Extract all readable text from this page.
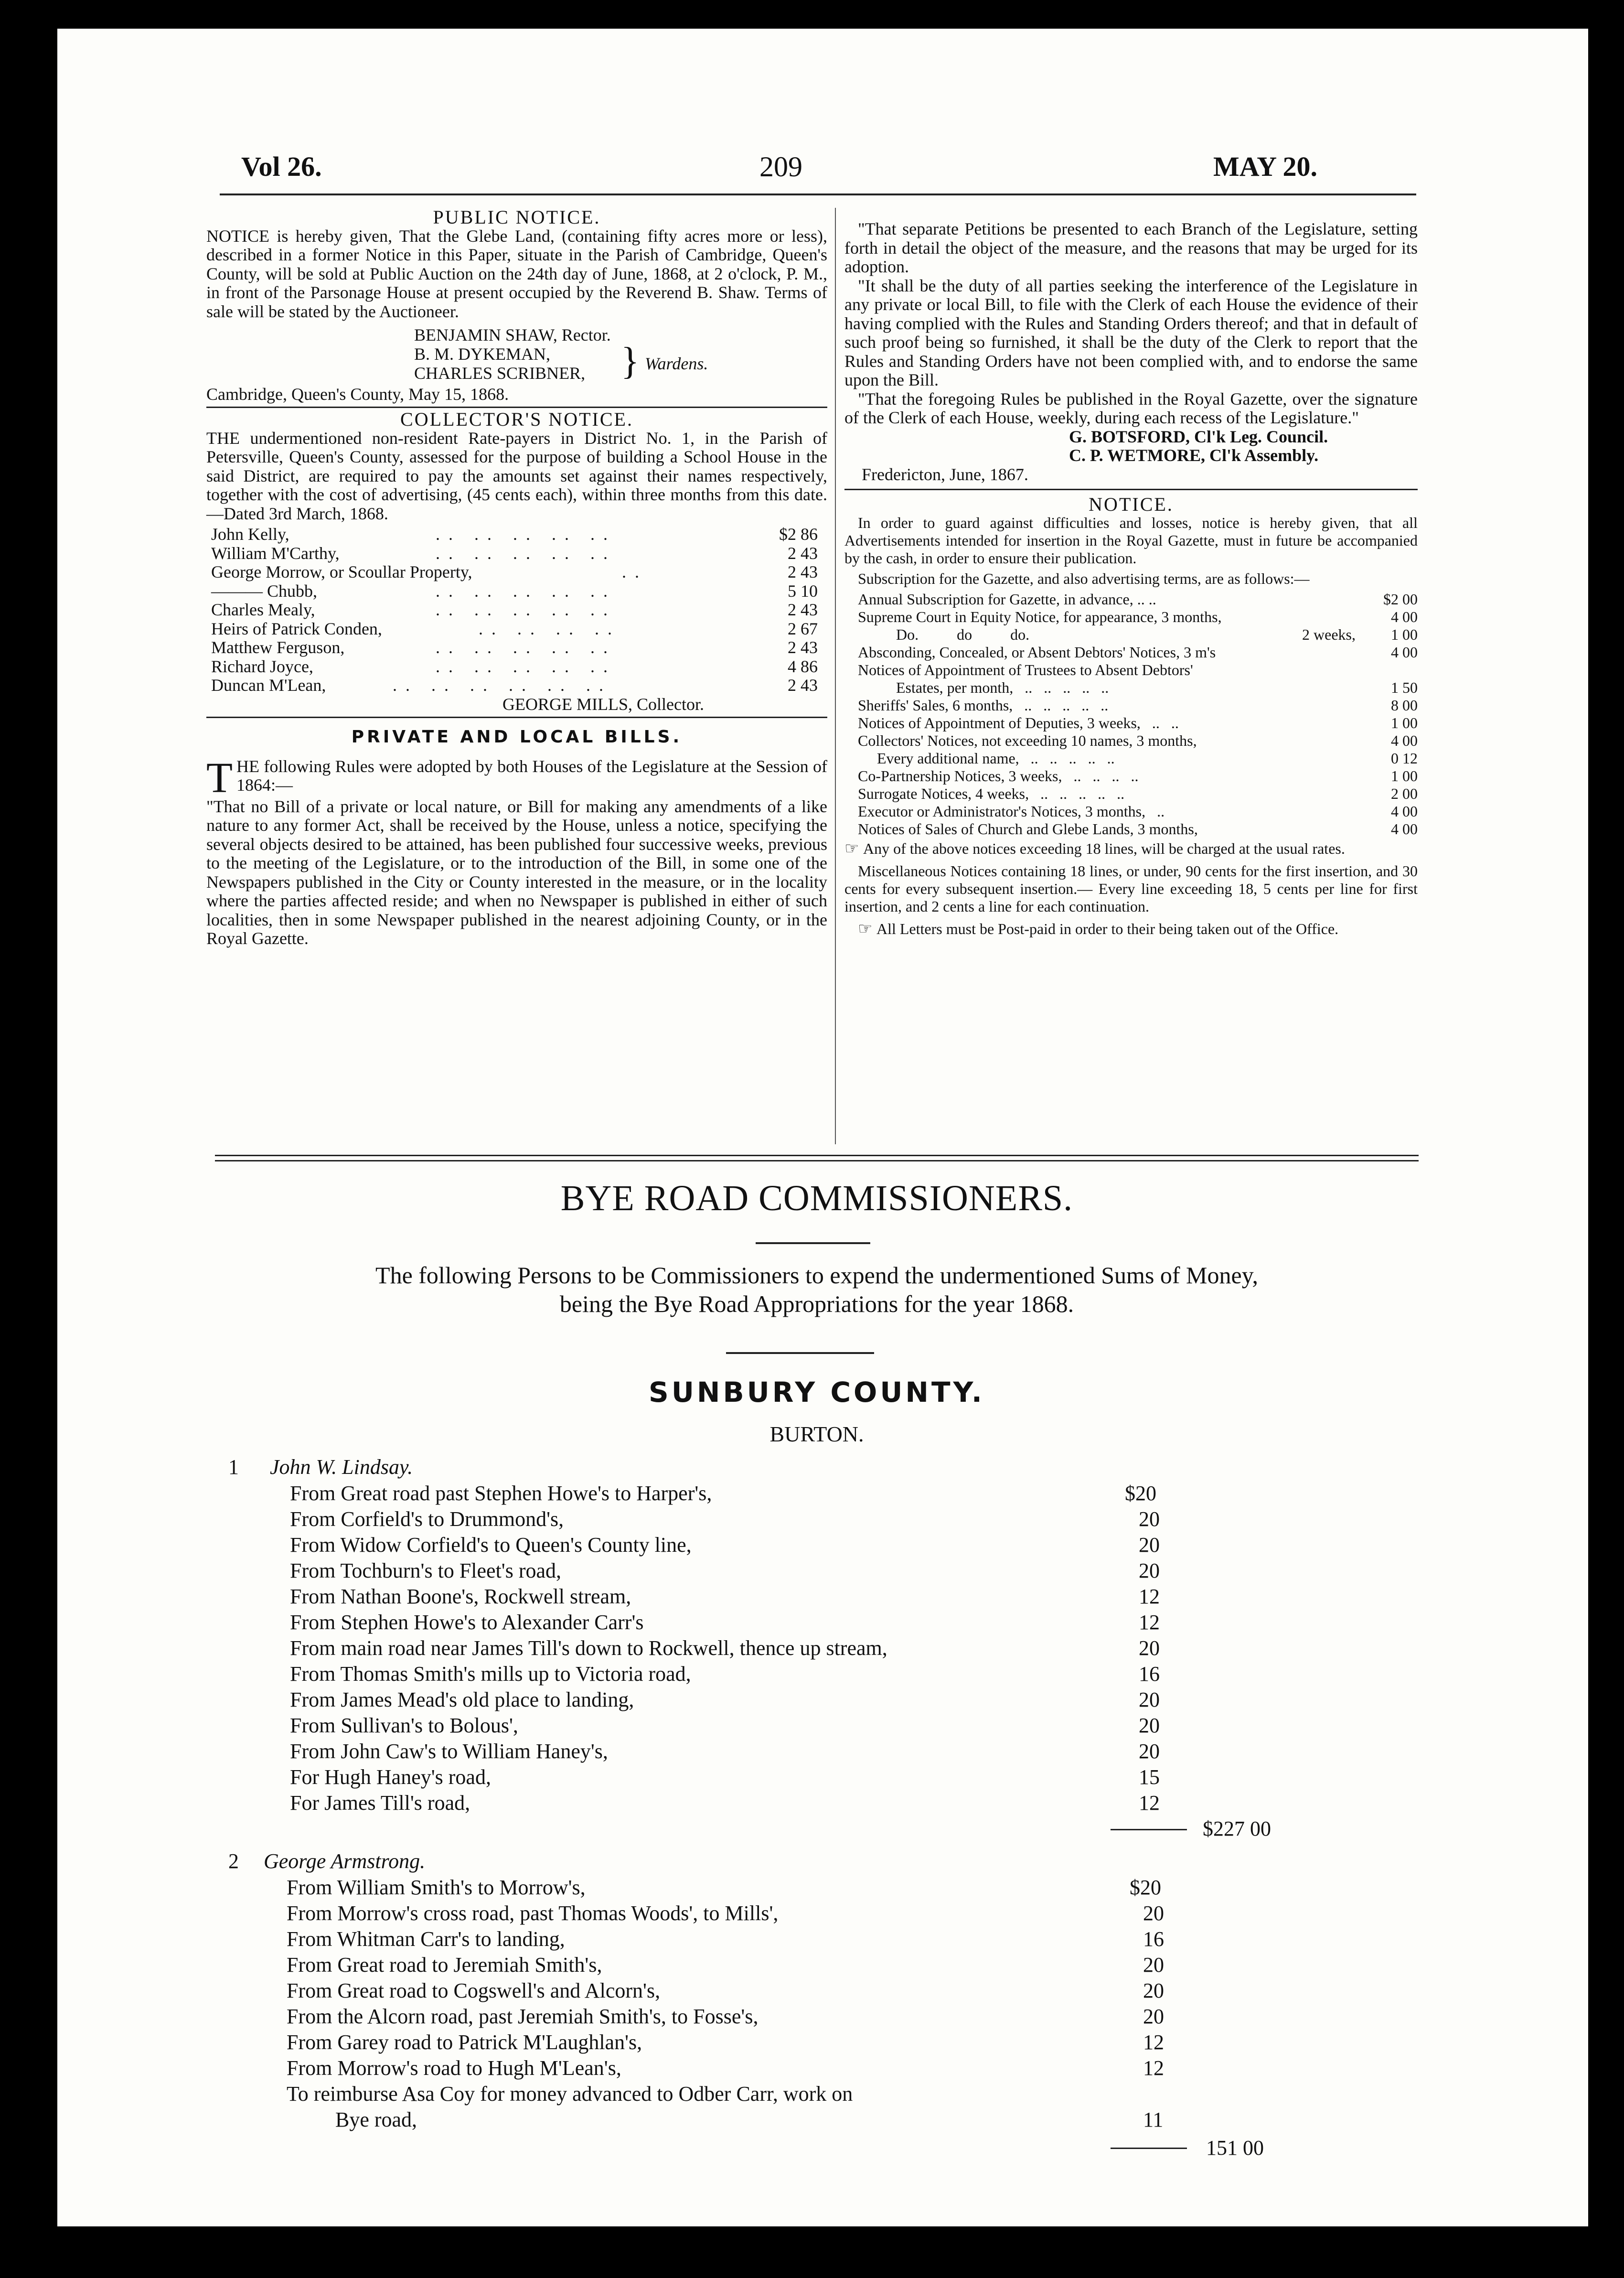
Vol 26.	209	MAY 20.
PUBLIC NOTICE.
NOTICE is hereby given, That the Glebe Land, (containing fifty acres more or less), described in a former Notice in this Paper, situate in the Parish of Cambridge, Queen's County, will be sold at Public Auction on the 24th day of June, 1868, at 2 o'clock, P. M., in front of the Parsonage House at present occupied by the Reverend B. Shaw. Terms of sale will be stated by the Auctioneer.
BENJAMIN SHAW, Rector.
B. M. DYKEMAN,
CHARLES SCRIBNER, } Wardens.
Cambridge, Queen's County, May 15, 1868.
COLLECTOR'S NOTICE.
THE undermentioned non-resident Rate-payers in District No. 1, in the Parish of Petersville, Queen's County, assessed for the purpose of building a School House in the said District, are required to pay the amounts set against their names respectively, together with the cost of advertising, (45 cents each), within three months from this date.—Dated 3rd March, 1868.
John Kelly,	.. .. .. .. ..	$2 86
William M'Carthy,	.. .. .. .. ..	2 43
George Morrow, or Scoullar Property,	..	2 43
——— Chubb,	.. .. .. .. ..	5 10
Charles Mealy,	.. .. .. .. ..	2 43
Heirs of Patrick Conden,	.. .. .. ..	2 67
Matthew Ferguson,	.. .. .. .. ..	2 43
Richard Joyce,	.. .. .. .. ..	4 86
Duncan M'Lean,	.. .. .. .. .. ..	2 43
GEORGE MILLS, Collector.
PRIVATE AND LOCAL BILLS.
THE following Rules were adopted by both Houses of the Legislature at the Session of 1864:—
"That no Bill of a private or local nature, or Bill for making any amendments of a like nature to any former Act, shall be received by the House, unless a notice, specifying the several objects desired to be attained, has been published four successive weeks, previous to the meeting of the Legislature, or to the introduction of the Bill, in some one of the Newspapers published in the City or County interested in the measure, or in the locality where the parties affected reside; and when no Newspaper is published in either of such localities, then in some Newspaper published in the nearest adjoining County, or in the Royal Gazette.
"That separate Petitions be presented to each Branch of the Legislature, setting forth in detail the object of the measure, and the reasons that may be urged for its adoption.
"It shall be the duty of all parties seeking the interference of the Legislature in any private or local Bill, to file with the Clerk of each House the evidence of their having complied with the Rules and Standing Orders thereof; and that in default of such proof being so furnished, it shall be the duty of the Clerk to report that the Rules and Standing Orders have not been complied with, and to endorse the same upon the Bill.
"That the foregoing Rules be published in the Royal Gazette, over the signature of the Clerk of each House, weekly, during each recess of the Legislature."
G. BOTSFORD, Cl'k Leg. Council.
C. P. WETMORE, Cl'k Assembly.
Fredericton, June, 1867.
NOTICE.
In order to guard against difficulties and losses, notice is hereby given, that all Advertisements intended for insertion in the Royal Gazette, must in future be accompanied by the cash, in order to ensure their publication.
Subscription for the Gazette, and also advertising terms, are as follows:—
Annual Subscription for Gazette, in advance, .. ..	$2 00
Supreme Court in Equity Notice, for appearance, 3 months,	4 00
Do.          do          do.	2 weeks, 1 00
Absconding, Concealed, or Absent Debtors' Notices, 3 m's	4 00
Notices of Appointment of Trustees to Absent Debtors'
Estates, per month,   ..   ..   ..   ..   ..	1 50
Sheriffs' Sales, 6 months,   ..   ..   ..   ..   ..	8 00
Notices of Appointment of Deputies, 3 weeks,   ..   ..	1 00
Collectors' Notices, not exceeding 10 names, 3 months,	4 00
Every additional name,   ..   ..   ..   ..   ..	0 12
Co-Partnership Notices, 3 weeks,   ..   ..   ..   ..	1 00
Surrogate Notices, 4 weeks,   ..   ..   ..   ..   ..	2 00
Executor or Administrator's Notices, 3 months,   ..	4 00
Notices of Sales of Church and Glebe Lands, 3 months,	4 00
☞ Any of the above notices exceeding 18 lines, will be charged at the usual rates.
Miscellaneous Notices containing 18 lines, or under, 90 cents for the first insertion, and 30 cents for every subsequent insertion.— Every line exceeding 18, 5 cents per line for first insertion, and 2 cents a line for each continuation.
☞ All Letters must be Post-paid in order to their being taken out of the Office.
BYE ROAD COMMISSIONERS.
The following Persons to be Commissioners to expend the undermentioned Sums of Money,
being the Bye Road Appropriations for the year 1868.
SUNBURY COUNTY.
BURTON.
1 John W. Lindsay.
From Great road past Stephen Howe's to Harper's,	$20
From Corfield's to Drummond's,	20
From Widow Corfield's to Queen's County line,	20
From Tochburn's to Fleet's road,	20
From Nathan Boone's, Rockwell stream,	12
From Stephen Howe's to Alexander Carr's	12
From main road near James Till's down to Rockwell, thence up stream,	20
From Thomas Smith's mills up to Victoria road,	16
From James Mead's old place to landing,	20
From Sullivan's to Bolous',	20
From John Caw's to William Haney's,	20
For Hugh Haney's road,	15
For James Till's road,	12
$227 00
2 George Armstrong.
From William Smith's to Morrow's,	$20
From Morrow's cross road, past Thomas Woods', to Mills',	20
From Whitman Carr's to landing,	16
From Great road to Jeremiah Smith's,	20
From Great road to Cogswell's and Alcorn's,	20
From the Alcorn road, past Jeremiah Smith's, to Fosse's,	20
From Garey road to Patrick M'Laughlan's,	12
From Morrow's road to Hugh M'Lean's,	12
To reimburse Asa Coy for money advanced to Odber Carr, work on
Bye road,	11
151 00
